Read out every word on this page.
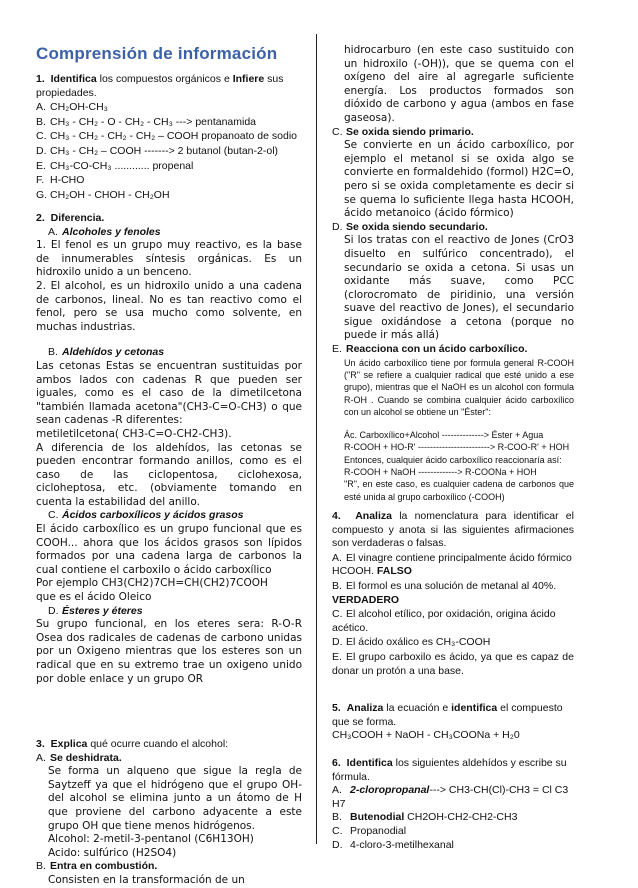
Comprensión de información

1. Identifica los compuestos orgánicos e Infiere sus propiedades.

A. CH₂OH-CH₃

B. CH₃ - CH₂ - O - CH₂ - CH₃ ---> pentanamida

C. CH₃ - CH₂ - CH₂ - CH₂ – COOH propanoato de sodio

D. CH₃ - CH₂ – COOH -------> 2 butanol (butan-2-ol)

E. CH₃-CO-CH₃ ............ propenal

F. H-CHO

G. CH₂OH - CHOH - CH₂OH

2. Diferencia.

A. Alcoholes y fenoles

1. El fenol es un grupo muy reactivo, es la base de innumerables síntesis orgánicas. Es un hidroxilo unido a un benceno.

2. El alcohol, es un hidroxilo unido a una cadena de carbonos, lineal. No es tan reactivo como el fenol, pero se usa mucho como solvente, en muchas industrias.

B. Aldehídos y cetonas

Las cetonas Estas se encuentran sustituidas por ambos lados con cadenas R que pueden ser iguales, como es el caso de la dimetilcetona "también llamada acetona"(CH3-C=O-CH3) o que sean cadenas -R diferentes:

metiletilcetona( CH3-C=O-CH2-CH3).

A diferencia de los aldehídos, las cetonas se pueden encontrar formando anillos, como es el caso de las ciclopentosa, ciclohexosa, cicloheptosa, etc. (obviamente tomando en cuenta la estabilidad del anillo.

C. Ácidos carboxílicos y ácidos grasos

El ácido carboxílico es un grupo funcional que es COOH... ahora que los ácidos grasos son lípidos formados por una cadena larga de carbonos la cual contiene el carboxilo o ácido carboxílico

Por ejemplo CH3(CH2)7CH=CH(CH2)7COOH

que es el ácido Oleico

D. Ésteres y éteres

Su grupo funcional, en los eteres sera: R-O-R Osea dos radicales de cadenas de carbono unidas por un Oxigeno mientras que los esteres son un radical que en su extremo trae un oxigeno unido por doble enlace y un grupo OR

3. Explica qué ocurre cuando el alcohol:

A. Se deshidrata.

Se forma un alqueno que sigue la regla de Saytzeff ya que el hidrógeno que el grupo OH-del alcohol se elimina junto a un átomo de H que proviene del carbono adyacente a este grupo OH que tiene menos hidrógenos.

Alcohol: 2-metil-3-pentanol (C6H13OH)

Acido: sulfúrico (H2SO4)

B. Entra en combustión.

Consisten en la transformación de un

hidrocarburo (en este caso sustituido con un hidroxilo (-OH)), que se quema con el oxígeno del aire al agregarle suficiente energía. Los productos formados son dióxido de carbono y agua (ambos en fase gaseosa).

C. Se oxida siendo primario.

Se convierte en un ácido carboxílico, por ejemplo el metanol si se oxida algo se convierte en formaldehido (formol) H2C=O, pero si se oxida completamente es decir si se quema lo suficiente llega hasta HCOOH, ácido metanoico (ácido fórmico)

D. Se oxida siendo secundario.

Si los tratas con el reactivo de Jones (CrO3 disuelto en sulfúrico concentrado), el secundario se oxida a cetona. Si usas un oxidante más suave, como PCC (clorocromato de piridinio, una versión suave del reactivo de Jones), el secundario sigue oxidándose a cetona (porque no puede ir más allá)

E. Reacciona con un ácido carboxílico.

Un ácido carboxílico tiene por formula general R-COOH ("R" se refiere a cualquier radical que esté unido a ese grupo), mientras que el NaOH es un alcohol con formula R-OH . Cuando se combina cualquier ácido carboxílico con un alcohol se obtiene un "Éster":

Ác. Carboxílico+Alcohol --------------> Éster + Agua

R-COOH + HO-R' ------------------------> R-COO-R' + HOH

Entonces, cualquier ácido carboxílico reaccionaría así:

R-COOH + NaOH -------------> R-COONa + HOH

"R", en este caso, es cualquier cadena de carbonos que esté unida al grupo carboxílico (-COOH)

4. Analiza la nomenclatura para identificar el compuesto y anota si las siguientes afirmaciones son verdaderas o falsas.

A. El vinagre contiene principalmente ácido fórmico HCOOH. FALSO

B. El formol es una solución de metanal al 40%. VERDADERO

C. El alcohol etílico, por oxidación, origina ácido acético.

D. El ácido oxálico es CH₃-COOH

E. El grupo carboxilo es ácido, ya que es capaz de donar un protón a una base.

5. Analiza la ecuación e identifica el compuesto que se forma.

CH₃COOH + NaOH - CH₃COONa + H₂0

6. Identifica los siguientes aldehídos y escribe su fórmula.

A. 2-cloropropanal---> CH3-CH(Cl)-CH3 = Cl C3 H7

B. Butenodial CH2OH-CH2-CH2-CH3

C. Propanodial

D. 4-cloro-3-metilhexanal
